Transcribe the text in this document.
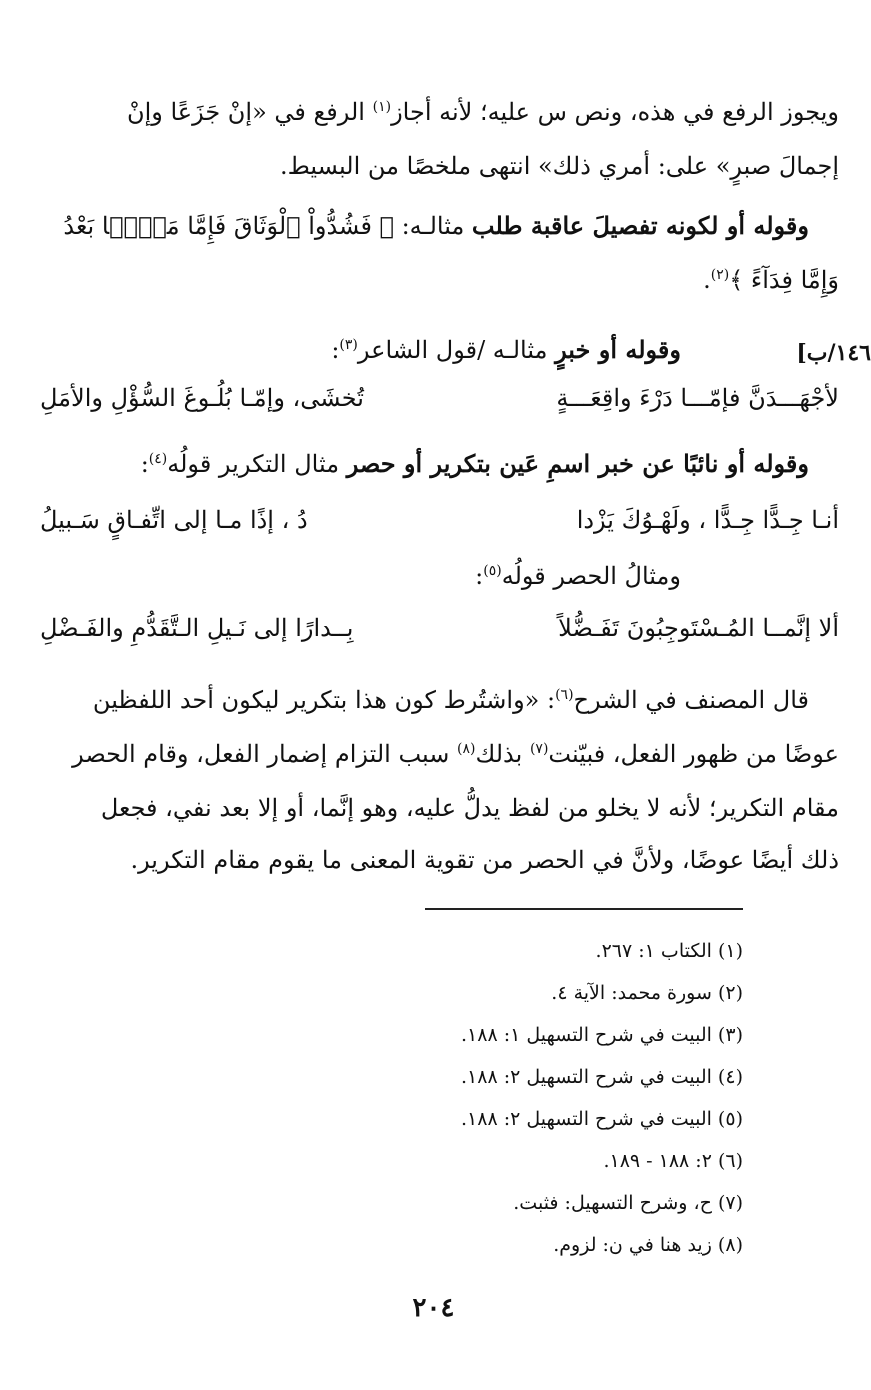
١٤٦/ب]
ويجوز الرفع في هذه، ونص س عليه؛ لأنه أجاز$^{(١)}$ الرفع في «إنْ جَزَعًا وإنْ
إجمالَ صبرٍ» على: أمري ذلك» انتهى ملخصًا من البسيط.
وقوله أو لكونه تفصيلَ عاقبة طلب مثالـه: ﴿ فَشُدُّواْ ٱلْوَثَاقَ فَإِمَّا مَنًّۢا بَعْدُ
وَإِمَّا فِدَآءً ﴾$^{(٢)}$.
وقوله أو خبرٍ مثالـه /قول الشاعر$^{(٣)}$:
لأجْهَـــدَنَّ فإمّـــا دَرْءَ واقِعَـــةٍ
تُخشَى، وإمّـا بُلُـوغَ السُّؤْلِ والأمَلِ
وقوله أو نائبًا عن خبر اسمِ عَين بتكرير أو حصر مثال التكرير قولُه$^{(٤)}$:
أنـا جِـدًّا جِـدًّا ، ولَهْـوُكَ يَزْدا
دُ ، إذًا مـا إلى اتِّفـاقٍ سَـبيلُ
ومثالُ الحصر قولُه$^{(٥)}$:
ألا إنَّمــا المُـسْتَوجِبُونَ تَفَـضُّلاً
بِــدارًا إلى نَـيلِ الـتَّقَدُّمِ والفَـضْلِ
قال المصنف في الشرح$^{(٦)}$: «واشتُرط كون هذا بتكرير ليكون أحد اللفظين
عوضًا من ظهور الفعل، فبيّنت$^{(٧)}$ بذلك$^{(٨)}$ سبب التزام إضمار الفعل، وقام الحصر
مقام التكرير؛ لأنه لا يخلو من لفظ يدلُّ عليه، وهو إنَّما، أو إلا بعد نفي، فجعل
ذلك أيضًا عوضًا، ولأنَّ في الحصر من تقوية المعنى ما يقوم مقام التكرير.
(١) الكتاب ١: ٢٦٧.
(٢) سورة محمد: الآية ٤.
(٣) البيت في شرح التسهيل ١: ١٨٨.
(٤) البيت في شرح التسهيل ٢: ١٨٨.
(٥) البيت في شرح التسهيل ٢: ١٨٨.
(٦) ٢: ١٨٨ - ١٨٩.
(٧) ح، وشرح التسهيل: فثبت.
(٨) زيد هنا في ن: لزوم.
٢٠٤
